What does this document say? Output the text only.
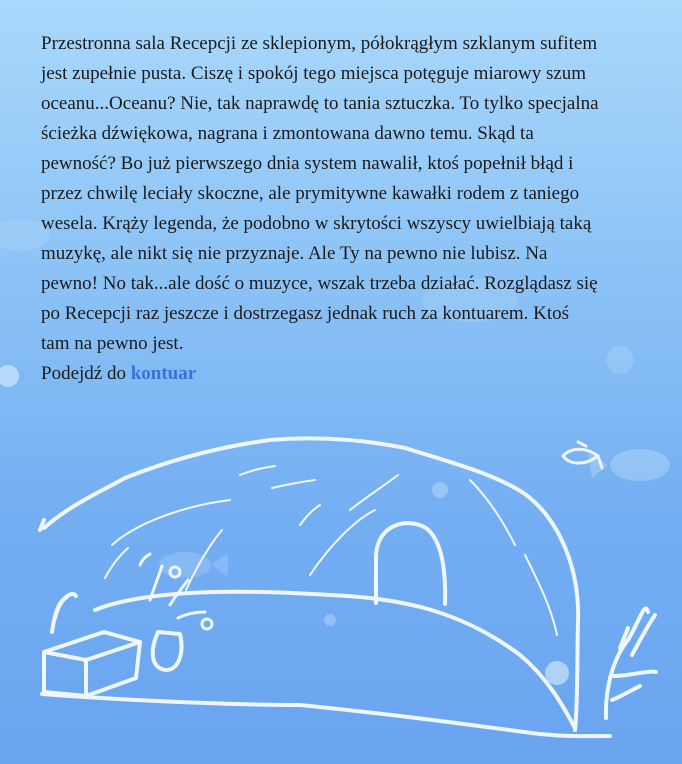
Przestronna sala Recepcji ze sklepionym, półokrągłym szklanym sufitem jest zupełnie pusta. Ciszę i spokój tego miejsca potęguje miarowy szum oceanu...Oceanu? Nie, tak naprawdę to tania sztuczka. To tylko specjalna ścieżka dźwiękowa, nagrana i zmontowana dawno temu. Skąd ta pewność? Bo już pierwszego dnia system nawalił, ktoś popełnił błąd i przez chwilę leciały skoczne, ale prymitywne kawałki rodem z taniego wesela. Krąży legenda, że podobno w skrytości wszyscy uwielbiają taką muzykę, ale nikt się nie przyznaje. Ale Ty na pewno nie lubisz. Na pewno! No tak...ale dość o muzyce, wszak trzeba działać. Rozglądasz się po Recepcji raz jeszcze i dostrzegasz jednak ruch za kontuarem. Ktoś tam na pewno jest.

Podejdź do kontuar
